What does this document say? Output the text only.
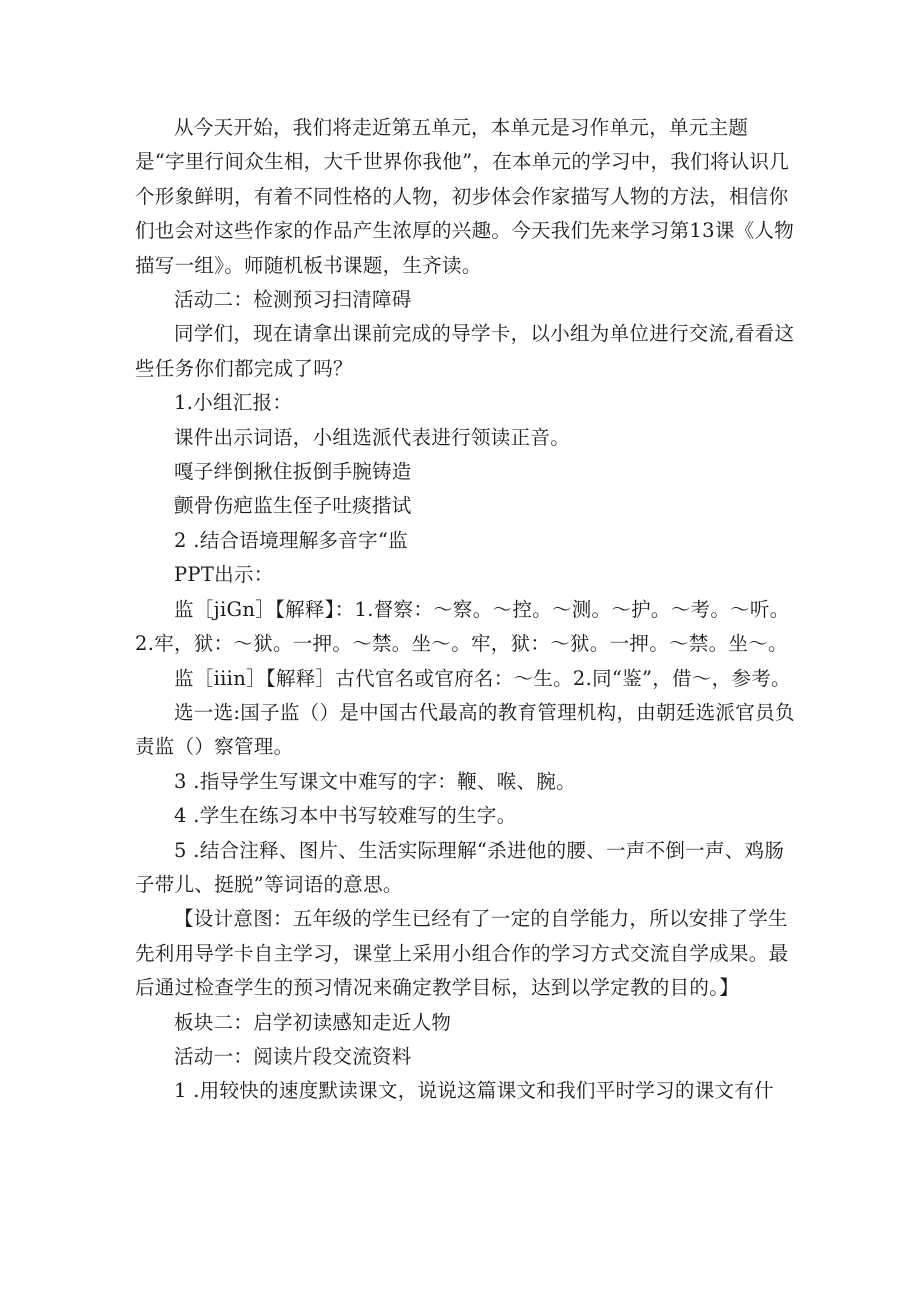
从今天开始，我们将走近第五单元，本单元是习作单元，单元主题是“字里行间众生相，大千世界你我他”，在本单元的学习中，我们将认识几个形象鲜明，有着不同性格的人物，初步体会作家描写人物的方法，相信你们也会对这些作家的作品产生浓厚的兴趣。今天我们先来学习第13课《人物描写一组》。师随机板书课题，生齐读。

活动二：检测预习扫清障碍

同学们，现在请拿出课前完成的导学卡，以小组为单位进行交流,看看这些任务你们都完成了吗？

1.小组汇报：

课件出示词语，小组选派代表进行领读正音。

嘎子绊倒揪住扳倒手腕铸造

颤骨伤疤监生侄子吐痰揩试

2 .结合语境理解多音字“监

PPT出示：

监［jiGn］【解释】：1.督察：～察。～控。～测。～护。～考。～听。2.牢，狱：～狱。一押。～禁。坐～。牢，狱：～狱。一押。～禁。坐～。

监［iiin］【解释］古代官名或官府名：～生。2.同“鉴”，借～，参考。

选一选:国子监（）是中国古代最高的教育管理机构，由朝廷选派官员负责监（）察管理。

3 .指导学生写课文中难写的字：鞭、喉、腕。

4 .学生在练习本中书写较难写的生字。

5 .结合注释、图片、生活实际理解“杀进他的腰、一声不倒一声、鸡肠子带儿、挺脱”等词语的意思。

【设计意图：五年级的学生已经有了一定的自学能力，所以安排了学生先利用导学卡自主学习，课堂上采用小组合作的学习方式交流自学成果。最后通过检查学生的预习情况来确定教学目标，达到以学定教的目的。】

板块二：启学初读感知走近人物

活动一：阅读片段交流资料

1 .用较快的速度默读课文，说说这篇课文和我们平时学习的课文有什
